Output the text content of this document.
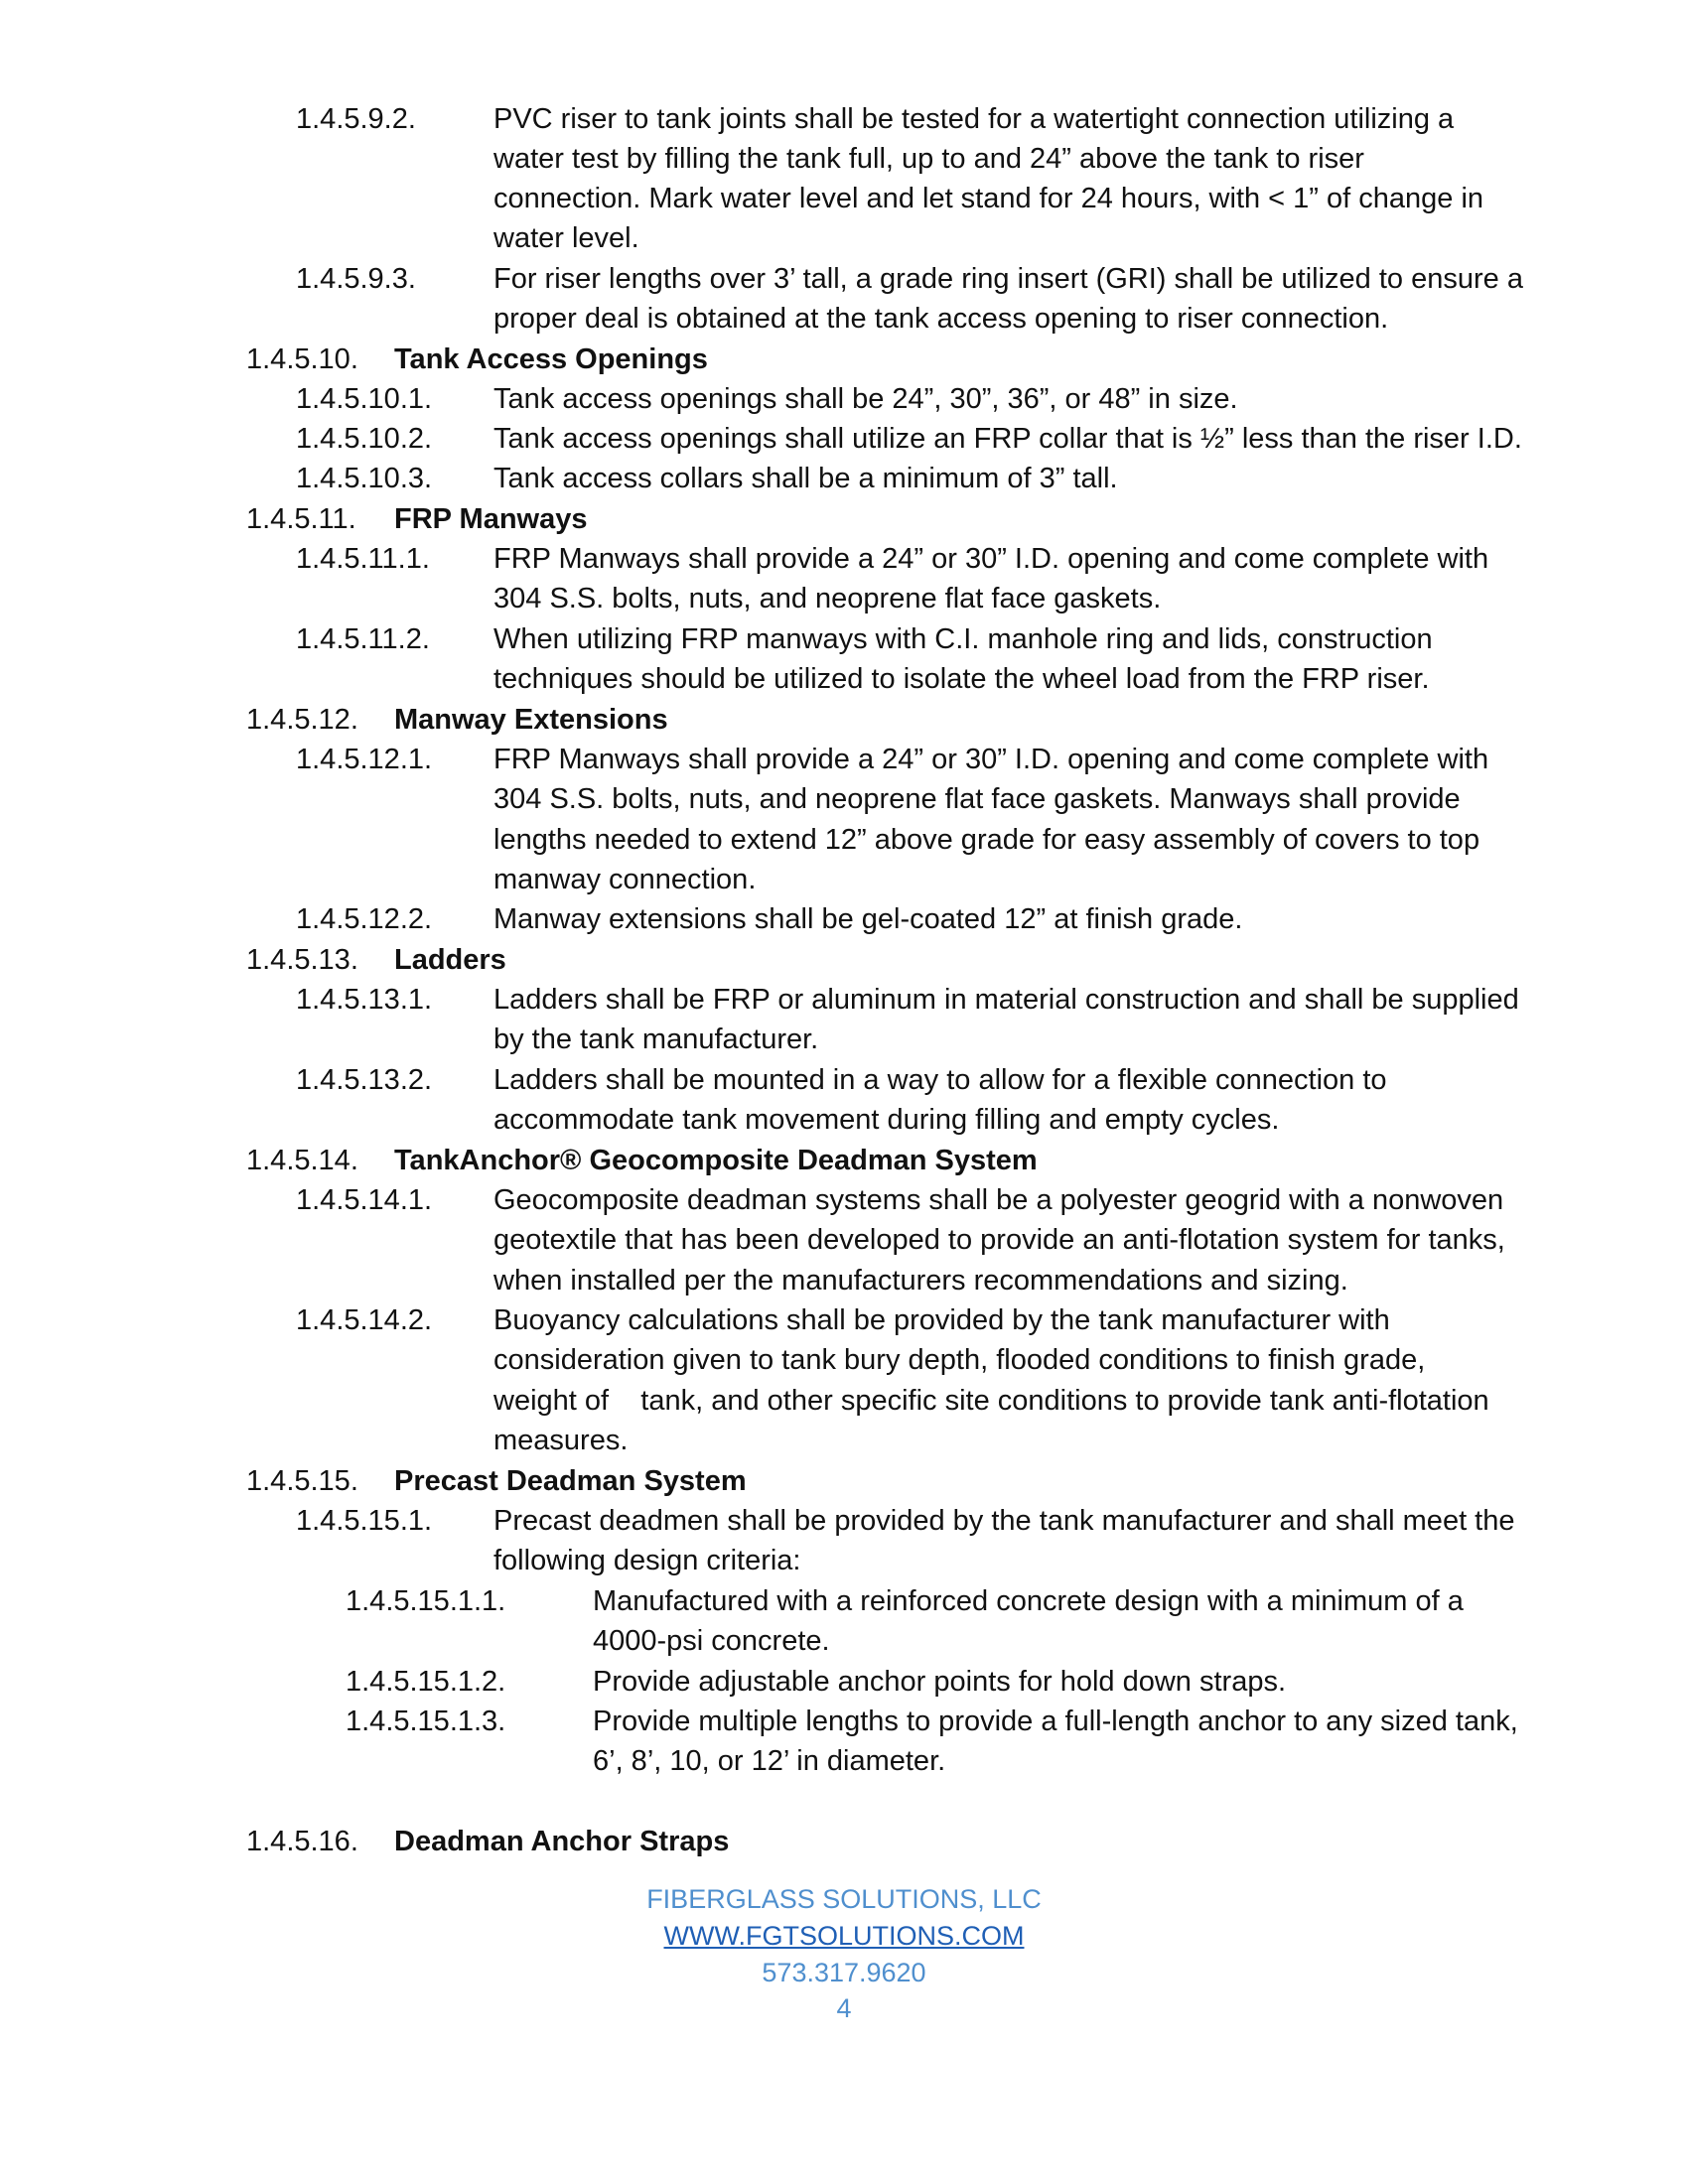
1.4.5.9.2.	PVC riser to tank joints shall be tested for a watertight connection utilizing a
water test by filling the tank full, up to and 24” above the tank to riser
connection. Mark water level and let stand for 24 hours, with < 1” of change in
water level.
1.4.5.9.3.	For riser lengths over 3’ tall, a grade ring insert (GRI) shall be utilized to ensure a
proper deal is obtained at the tank access opening to riser connection.
1.4.5.10. Tank Access Openings
1.4.5.10.1. Tank access openings shall be 24”, 30”, 36”, or 48” in size.
1.4.5.10.2. Tank access openings shall utilize an FRP collar that is ½” less than the riser I.D.
1.4.5.10.3. Tank access collars shall be a minimum of 3” tall.
1.4.5.11. FRP Manways
1.4.5.11.1. FRP Manways shall provide a 24” or 30” I.D. opening and come complete with
304 S.S. bolts, nuts, and neoprene flat face gaskets.
1.4.5.11.2. When utilizing FRP manways with C.I. manhole ring and lids, construction
techniques should be utilized to isolate the wheel load from the FRP riser.
1.4.5.12. Manway Extensions
1.4.5.12.1. FRP Manways shall provide a 24” or 30” I.D. opening and come complete with
304 S.S. bolts, nuts, and neoprene flat face gaskets. Manways shall provide
lengths needed to extend 12” above grade for easy assembly of covers to top
manway connection.
1.4.5.12.2. Manway extensions shall be gel-coated 12” at finish grade.
1.4.5.13. Ladders
1.4.5.13.1. Ladders shall be FRP or aluminum in material construction and shall be supplied
by the tank manufacturer.
1.4.5.13.2. Ladders shall be mounted in a way to allow for a flexible connection to
accommodate tank movement during filling and empty cycles.
1.4.5.14. TankAnchor® Geocomposite Deadman System
1.4.5.14.1. Geocomposite deadman systems shall be a polyester geogrid with a nonwoven
geotextile that has been developed to provide an anti-flotation system for tanks,
when installed per the manufacturers recommendations and sizing.
1.4.5.14.2. Buoyancy calculations shall be provided by the tank manufacturer with
consideration given to tank bury depth, flooded conditions to finish grade,
weight of    tank, and other specific site conditions to provide tank anti-flotation
measures.
1.4.5.15. Precast Deadman System
1.4.5.15.1. Precast deadmen shall be provided by the tank manufacturer and shall meet the
following design criteria:
1.4.5.15.1.1.	Manufactured with a reinforced concrete design with a minimum of a
4000-psi concrete.
1.4.5.15.1.2.	Provide adjustable anchor points for hold down straps.
1.4.5.15.1.3.	Provide multiple lengths to provide a full-length anchor to any sized tank,
6’, 8’, 10, or 12’ in diameter.
1.4.5.16. Deadman Anchor Straps
FIBERGLASS SOLUTIONS, LLC
WWW.FGTSOLUTIONS.COM
573.317.9620
4
